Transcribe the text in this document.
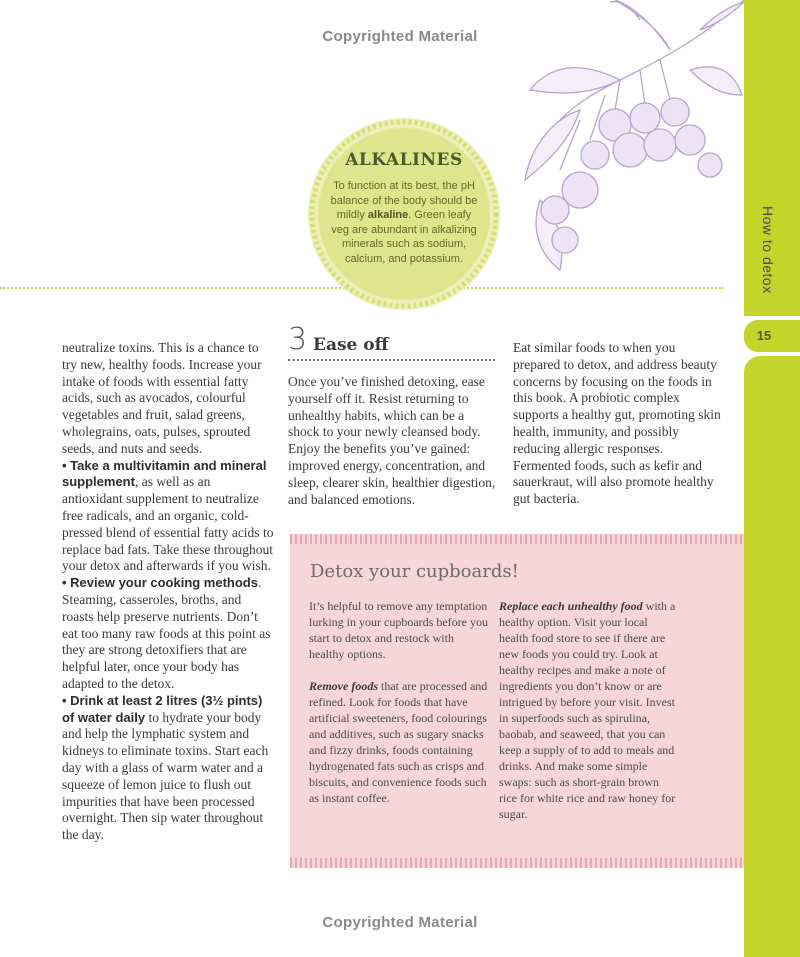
Copyrighted Material
How to detox
15
ALKALINES
To function at its best, the pH balance of the body should be mildly alkaline. Green leafy veg are abundant in alkalizing minerals such as sodium, calcium, and potassium.
neutralize toxins. This is a chance to try new, healthy foods. Increase your intake of foods with essential fatty acids, such as avocados, colourful vegetables and fruit, salad greens, wholegrains, oats, pulses, sprouted seeds, and nuts and seeds.
• Take a multivitamin and mineral supplement, as well as an antioxidant supplement to neutralize free radicals, and an organic, cold-pressed blend of essential fatty acids to replace bad fats. Take these throughout your detox and afterwards if you wish.
• Review your cooking methods. Steaming, casseroles, broths, and roasts help preserve nutrients. Don’t eat too many raw foods at this point as they are strong detoxifiers that are helpful later, once your body has adapted to the detox.
• Drink at least 2 litres (3½ pints) of water daily to hydrate your body and help the lymphatic system and kidneys to eliminate toxins. Start each day with a glass of warm water and a squeeze of lemon juice to flush out impurities that have been processed overnight. Then sip water throughout the day.
3 Ease off
Once you’ve finished detoxing, ease yourself off it. Resist returning to unhealthy habits, which can be a shock to your newly cleansed body. Enjoy the benefits you’ve gained: improved energy, concentration, and sleep, clearer skin, healthier digestion, and balanced emotions.
Eat similar foods to when you prepared to detox, and address beauty concerns by focusing on the foods in this book. A probiotic complex supports a healthy gut, promoting skin health, immunity, and possibly reducing allergic responses. Fermented foods, such as kefir and sauerkraut, will also promote healthy gut bacteria.
Detox your cupboards!
It’s helpful to remove any temptation lurking in your cupboards before you start to detox and restock with healthy options.
Remove foods that are processed and refined. Look for foods that have artificial sweeteners, food colourings and additives, such as sugary snacks and fizzy drinks, foods containing hydrogenated fats such as crisps and biscuits, and convenience foods such as instant coffee.
Replace each unhealthy food with a healthy option. Visit your local health food store to see if there are new foods you could try. Look at healthy recipes and make a note of ingredients you don’t know or are intrigued by before your visit. Invest in superfoods such as spirulina, baobab, and seaweed, that you can keep a supply of to add to meals and drinks. And make some simple swaps: such as short-grain brown rice for white rice and raw honey for sugar.
Copyrighted Material
